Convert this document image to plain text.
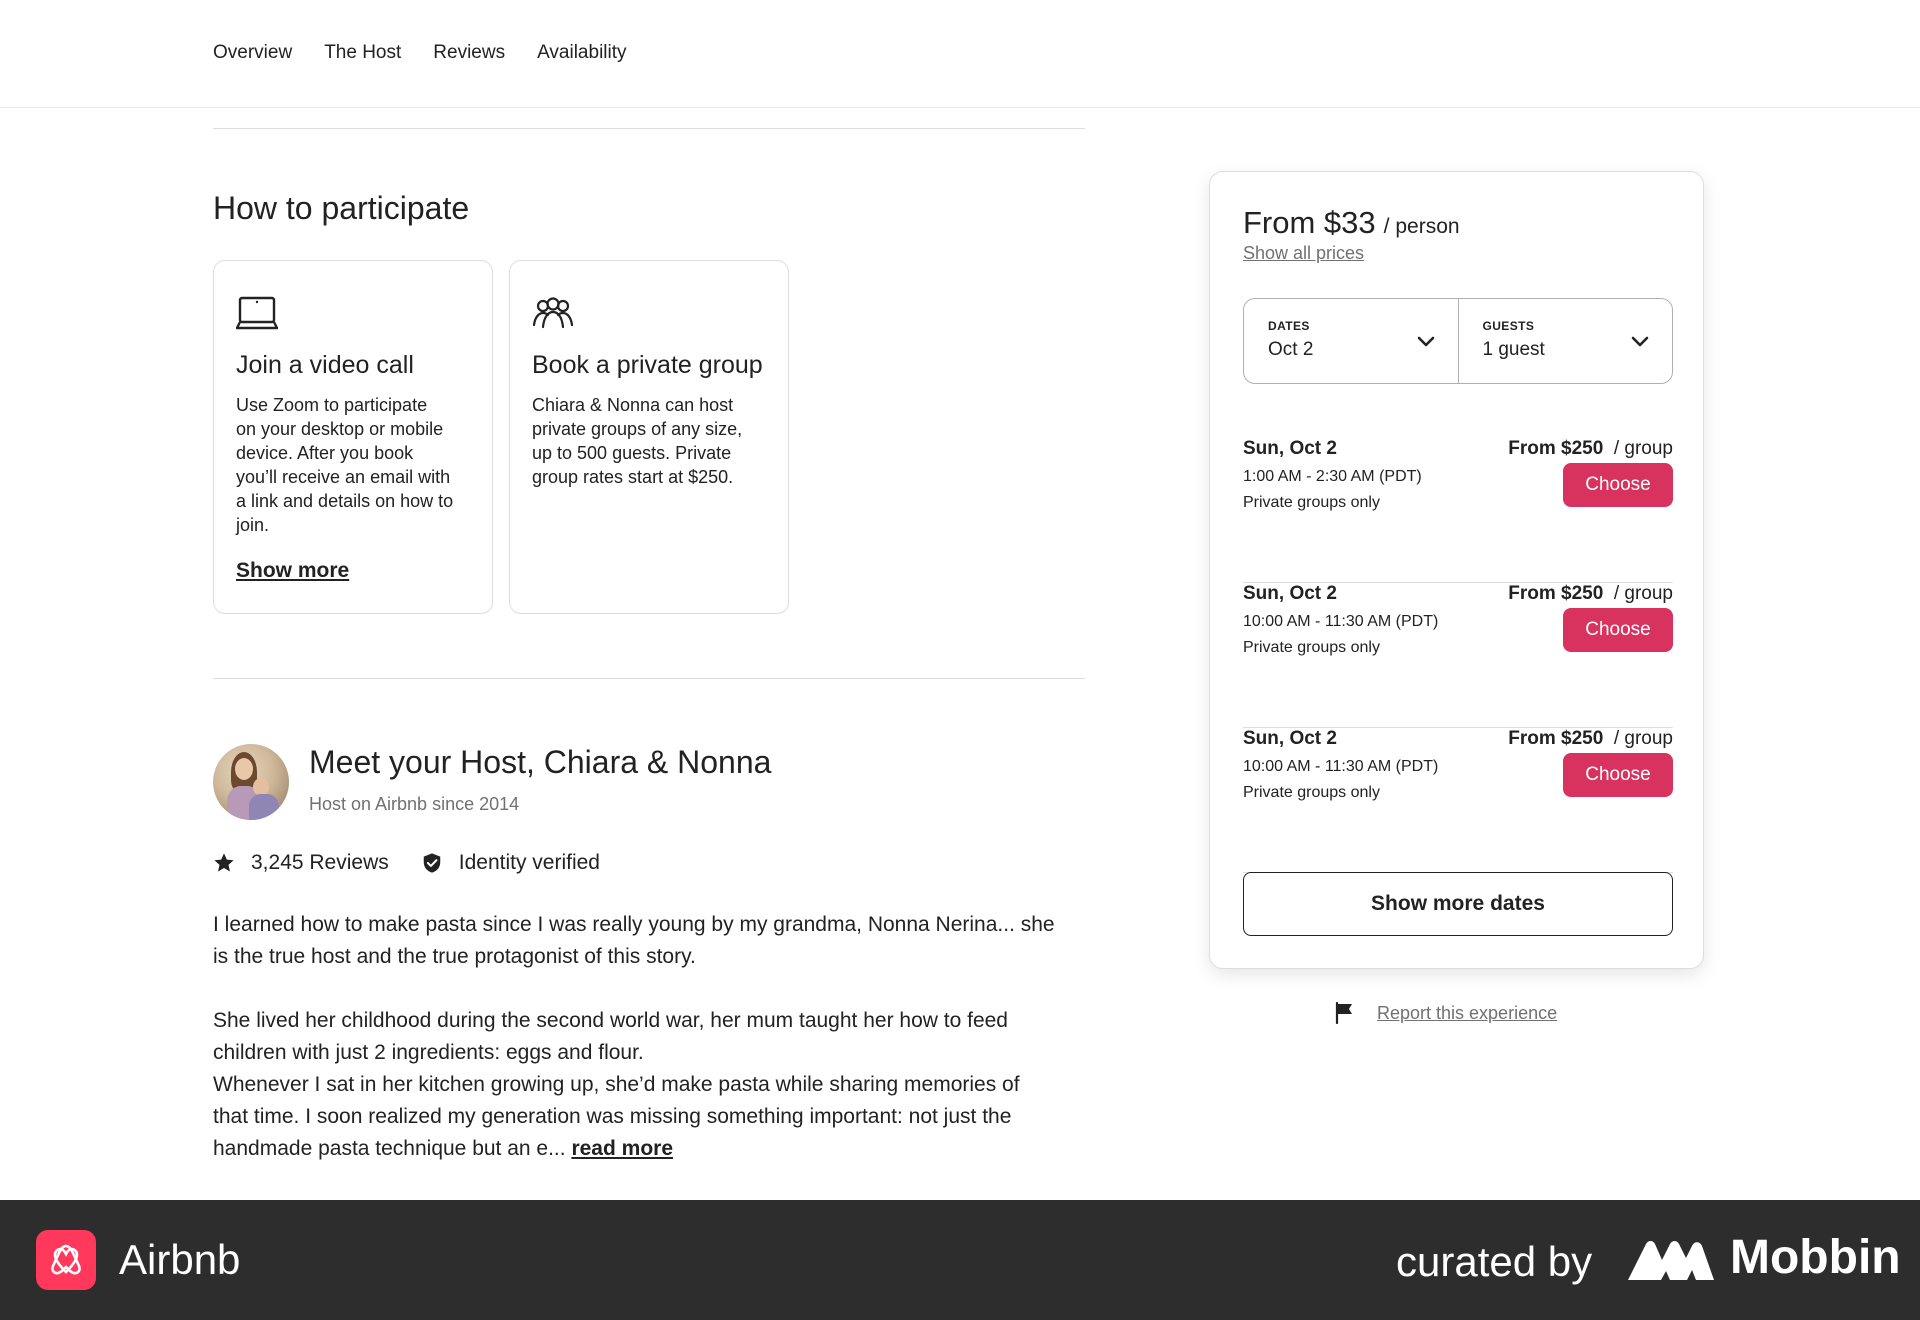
Overview The Host Reviews Availability
How to participate
Join a video call
Use Zoom to participate
on your desktop or mobile
device. After you book
you’ll receive an email with
a link and details on how to
join.
Show more
Book a private group
Chiara & Nonna can host
private groups of any size,
up to 500 guests. Private
group rates start at $250.
Meet your Host, Chiara & Nonna
Host on Airbnb since 2014
3,245 Reviews	Identity verified

I learned how to make pasta since I was really young by my grandma, Nonna Nerina... she
is the true host and the true protagonist of this story.

She lived her childhood during the second world war, her mum taught her how to feed
children with just 2 ingredients: eggs and flour.
Whenever I sat in her kitchen growing up, she’d make pasta while sharing memories of
that time. I soon realized my generation was missing something important: not just the
handmade pasta technique but an e... read more

From $33 / person
Show all prices
DATES
Oct 2
GUESTS
1 guest
Sun, Oct 2
1:00 AM - 2:30 AM (PDT)
Private groups only
From $250 / group
Choose
Sun, Oct 2
10:00 AM - 11:30 AM (PDT)
Private groups only
From $250 / group
Choose
Sun, Oct 2
10:00 AM - 11:30 AM (PDT)
Private groups only
From $250 / group
Choose
Show more dates
Report this experience
Airbnb	curated by	Mobbin
